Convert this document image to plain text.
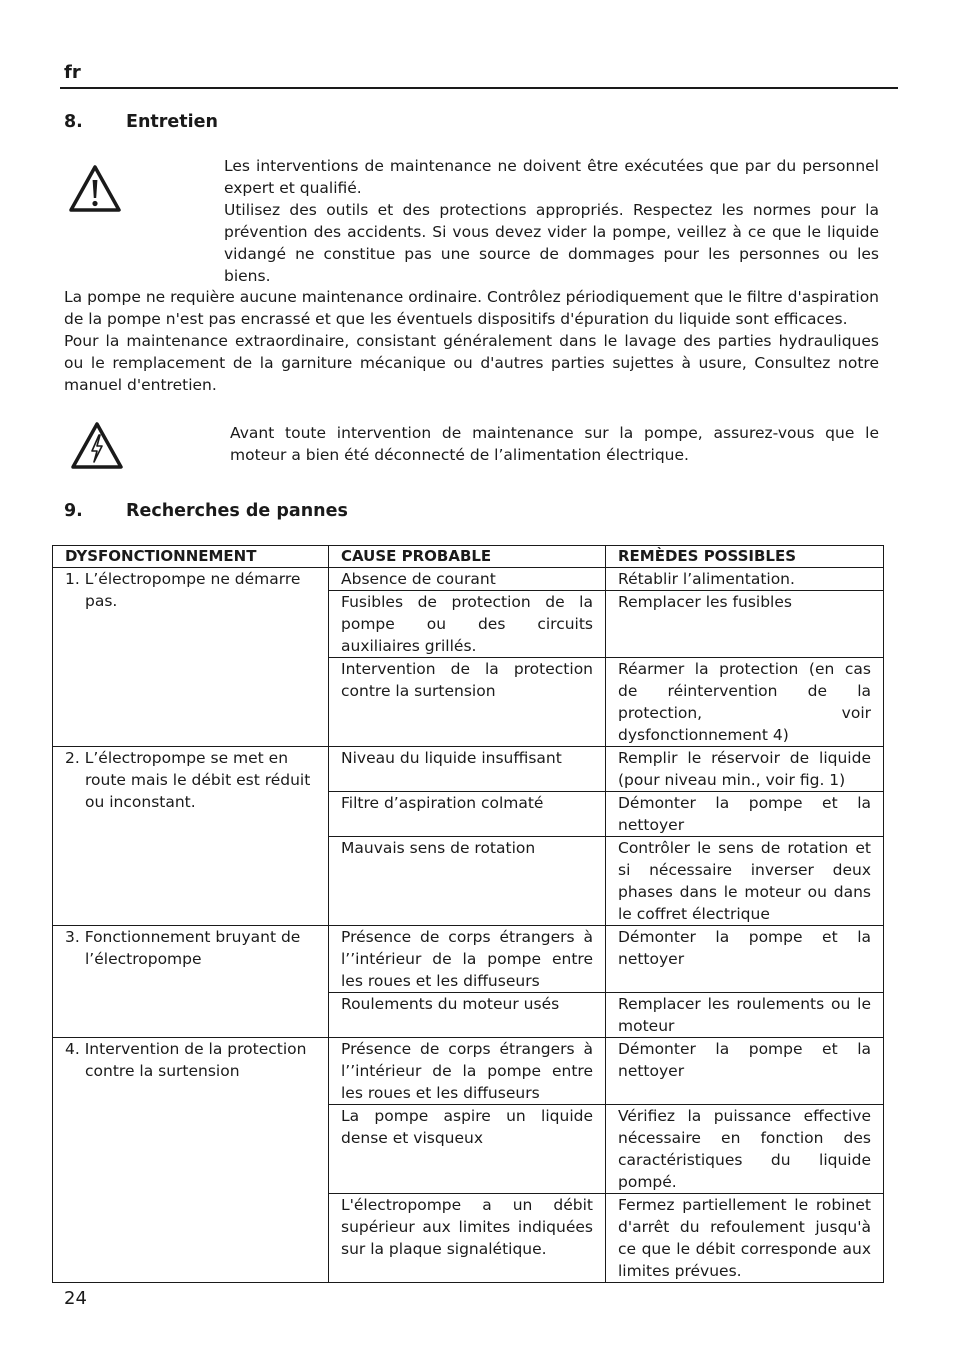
fr
8. Entretien

Les interventions de maintenance ne doivent être exécutées que par du personnel expert et qualifié.

Utilisez des outils et des protections appropriés. Respectez les normes pour la prévention des accidents. Si vous devez vider la pompe, veillez à ce que le liquide vidangé ne constitue pas une source de dommages pour les personnes ou les biens.

La pompe ne requière aucune maintenance ordinaire. Contrôlez périodiquement que le filtre d'aspiration de la pompe n'est pas encrassé et que les éventuels dispositifs d'épuration du liquide sont efficaces.

Pour la maintenance extraordinaire, consistant généralement dans le lavage des parties hydrauliques ou le remplacement de la garniture mécanique ou d'autres parties sujettes à usure, Consultez notre manuel d'entretien.

Avant toute intervention de maintenance sur la pompe, assurez-vous que le moteur a bien été déconnecté de l’alimentation électrique.

9. Recherches de pannes
DYSFONCTIONNEMENT	CAUSE PROBABLE	REMÈDES POSSIBLES

1. L’électropompe ne démarre pas.	Absence de courant	Rétablir l’alimentation.
	Fusibles de protection de la pompe ou des circuits auxiliaires grillés.	Remplacer les fusibles
	Intervention de la protection contre la surtension	Réarmer la protection (en cas de réintervention de la protection, voir dysfonctionnement 4)

2. L’électropompe se met en route mais le débit est réduit ou inconstant.	Niveau du liquide insuffisant	Remplir le réservoir de liquide (pour niveau min., voir fig. 1)
	Filtre d’aspiration colmaté	Démonter la pompe et la nettoyer
	Mauvais sens de rotation	Contrôler le sens de rotation et si nécessaire inverser deux phases dans le moteur ou dans le coffret électrique

3. Fonctionnement bruyant de l’électropompe	Présence de corps étrangers à l’’intérieur de la pompe entre les roues et les diffuseurs	Démonter la pompe et la nettoyer
	Roulements du moteur usés	Remplacer les roulements ou le moteur

4. Intervention de la protection contre la surtension	Présence de corps étrangers à l’’intérieur de la pompe entre les roues et les diffuseurs	Démonter la pompe et la nettoyer
	La pompe aspire un liquide dense et visqueux	Vérifiez la puissance effective nécessaire en fonction des caractéristiques du liquide pompé.
	L'électropompe a un débit supérieur aux limites indiquées sur la plaque signalétique.	Fermez partiellement le robinet d'arrêt du refoulement jusqu'à ce que le débit corresponde aux limites prévues.
24
